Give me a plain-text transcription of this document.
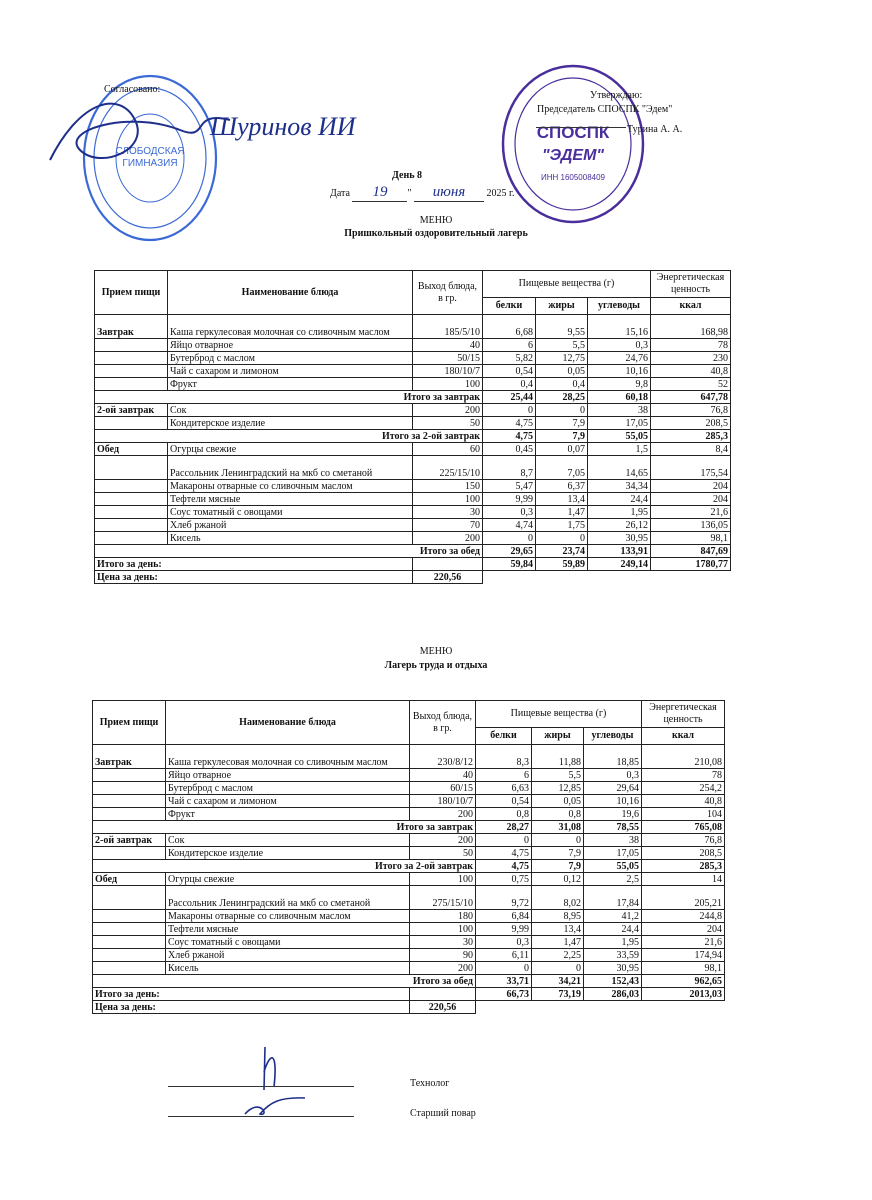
СЛОБОДСКАЯ
ГИМНАЗИЯ
Шуринов ИИ
Согласовано:
СПОСПК
"ЭДЕМ"
ИНН 1605008409
Утверждаю:
Председатель СПОСПК "Эдем"
Турина А. А.
День 8
Дата 19 " июня 2025 г.
МЕНЮ
Пришкольный оздоровительный лагерь
Прием пищи	Наименование блюда	Выход блюда, в гр.	Пищевые вещества (г)			Энергетическая ценность
			белки	жиры	углеводы	ккал
Завтрак	Каша геркулесовая молочная со сливочным маслом	185/5/10	6,68	9,55	15,16	168,98
	Яйцо отварное	40	6	5,5	0,3	78
	Бутерброд с маслом	50/15	5,82	12,75	24,76	230
	Чай с сахаром и лимоном	180/10/7	0,54	0,05	10,16	40,8
	Фрукт	100	0,4	0,4	9,8	52
Итого за завтрак			25,44	28,25	60,18	647,78
2-ой завтрак	Сок	200	0	0	38	76,8
	Кондитерское изделие	50	4,75	7,9	17,05	208,5
Итого за 2-ой завтрак			4,75	7,9	55,05	285,3
Обед	Огурцы свежие	60	0,45	0,07	1,5	8,4
	Рассольник Ленинградский на мкб со сметаной	225/15/10	8,7	7,05	14,65	175,54
	Макароны отварные со сливочным маслом	150	5,47	6,37	34,34	204
	Тефтели мясные	100	9,99	13,4	24,4	204
	Соус томатный с овощами	30	0,3	1,47	1,95	21,6
	Хлеб ржаной	70	4,74	1,75	26,12	136,05
	Кисель	200	0	0	30,95	98,1
Итого за обед			29,65	23,74	133,91	847,69
Итого за день:			59,84	59,89	249,14	1780,77
Цена за день:		220,56				
МЕНЮ
Лагерь труда и отдыха
Прием пищи	Наименование блюда	Выход блюда, в гр.	Пищевые вещества (г)			Энергетическая ценность
			белки	жиры	углеводы	ккал
Завтрак	Каша геркулесовая молочная со сливочным маслом	230/8/12	8,3	11,88	18,85	210,08
	Яйцо отварное	40	6	5,5	0,3	78
	Бутерброд с маслом	60/15	6,63	12,85	29,64	254,2
	Чай с сахаром и лимоном	180/10/7	0,54	0,05	10,16	40,8
	Фрукт	200	0,8	0,8	19,6	104
Итого за завтрак			28,27	31,08	78,55	765,08
2-ой завтрак	Сок	200	0	0	38	76,8
	Кондитерское изделие	50	4,75	7,9	17,05	208,5
Итого за 2-ой завтрак			4,75	7,9	55,05	285,3
Обед	Огурцы свежие	100	0,75	0,12	2,5	14
	Рассольник Ленинградский на мкб со сметаной	275/15/10	9,72	8,02	17,84	205,21
	Макароны отварные со сливочным маслом	180	6,84	8,95	41,2	244,8
	Тефтели мясные	100	9,99	13,4	24,4	204
	Соус томатный с овощами	30	0,3	1,47	1,95	21,6
	Хлеб ржаной	90	6,11	2,25	33,59	174,94
	Кисель	200	0	0	30,95	98,1
Итого за обед			33,71	34,21	152,43	962,65
Итого за день:			66,73	73,19	286,03	2013,03
Цена за день:		220,56				
Технолог
Старший повар
